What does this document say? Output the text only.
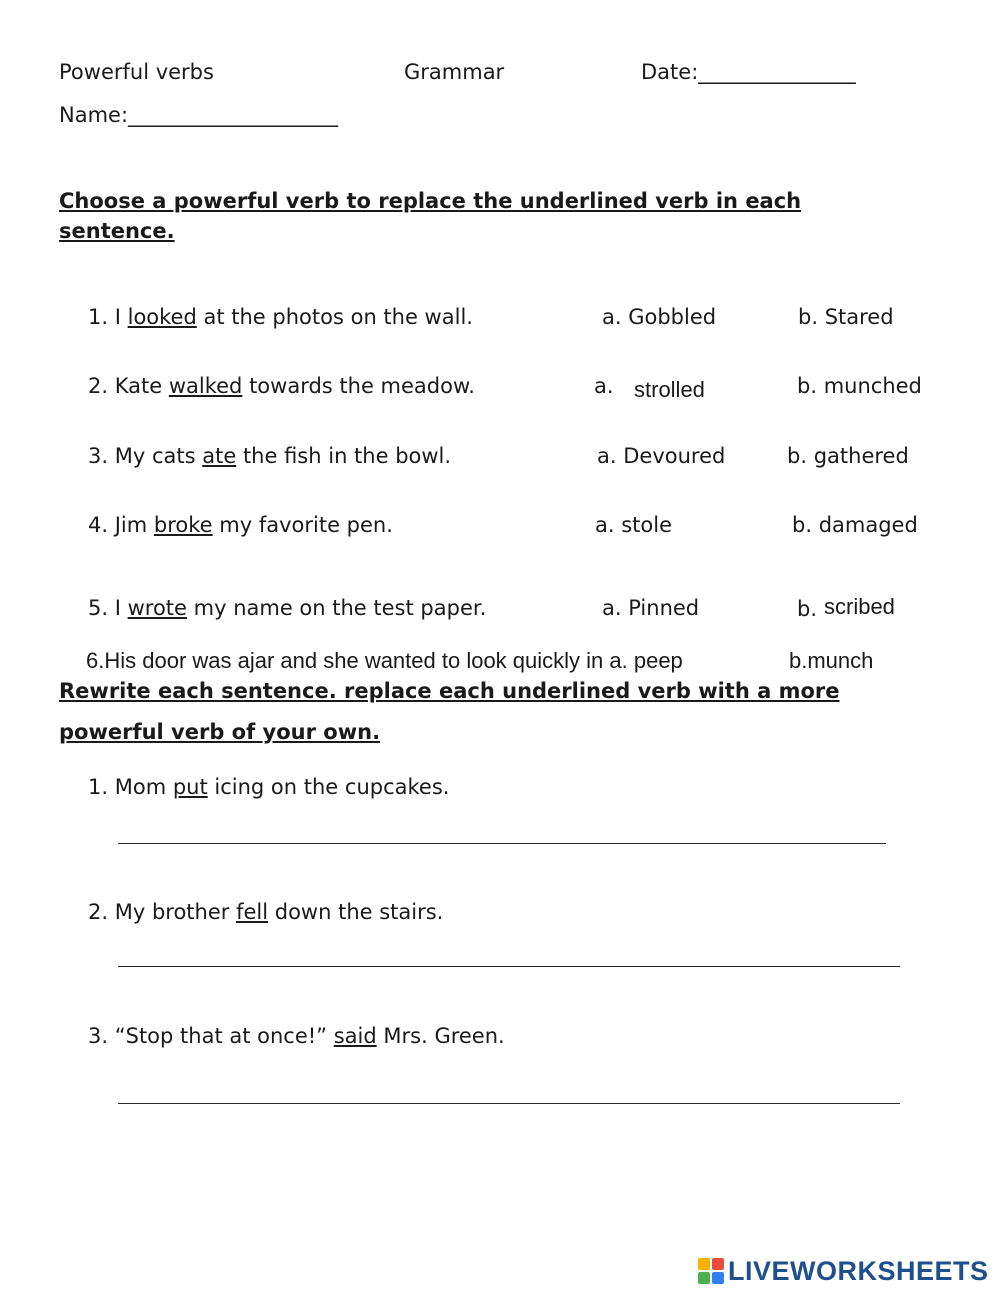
Powerful verbs	Grammar	Date:_______________
Name:____________________
Choose a powerful verb to replace the underlined verb in each
sentence.
1. I looked at the photos on the wall.	a. Gobbled	b. Stared
2. Kate walked towards the meadow.	a. strolled	b. munched
3. My cats ate the fish in the bowl.	a. Devoured	b. gathered
4. Jim broke my favorite pen.	a. stole	b. damaged
5. I wrote my name on the test paper.	a. Pinned	b. scribed
6.His door was ajar and she wanted to look quickly in a. peep	b.munch
Rewrite each sentence. replace each underlined verb with a more
powerful verb of your own.
1. Mom put icing on the cupcakes.
2. My brother fell down the stairs.
3. “Stop that at once!” said Mrs. Green.
LIVEWORKSHEETS
